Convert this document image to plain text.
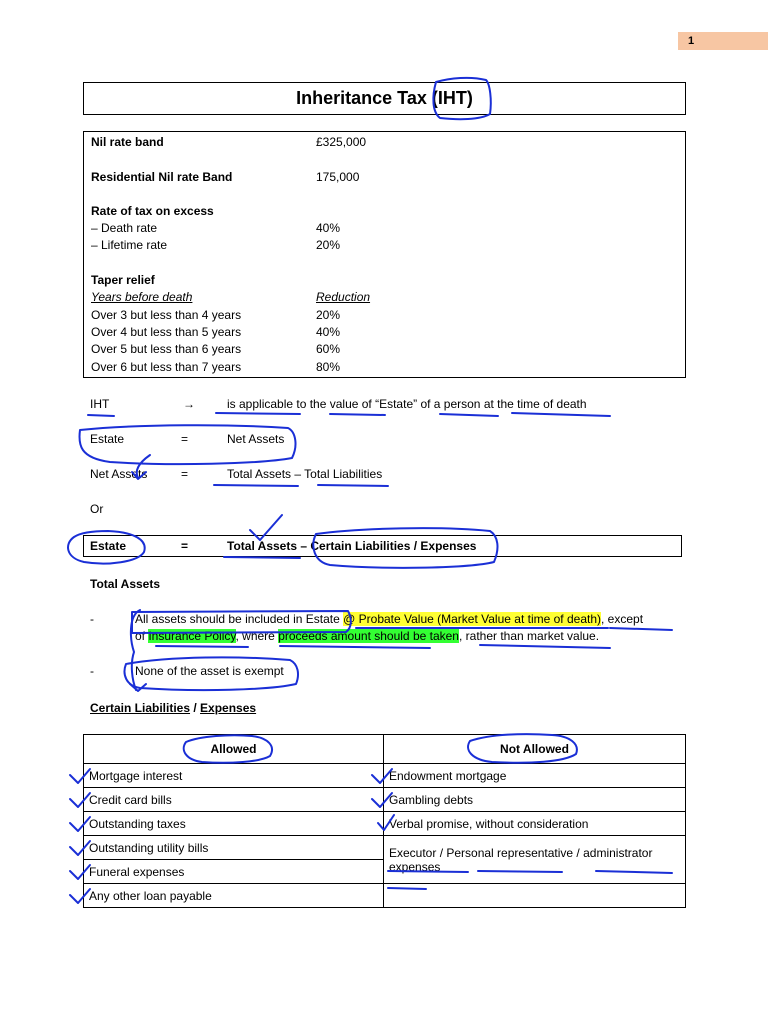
1
Inheritance Tax (IHT)
Nil rate band	£325,000
Residential Nil rate Band	175,000
Rate of tax on excess
– Death rate	40%
– Lifetime rate	20%
Taper relief
Years before death	Reduction
Over 3 but less than 4 years	20%
Over 4 but less than 5 years	40%
Over 5 but less than 6 years	60%
Over 6 but less than 7 years	80%
IHT	→	is applicable to the value of “Estate” of a person at the time of death
Estate	=	Net Assets
Net Assets	=	Total Assets – Total Liabilities
Or
Estate	=	Total Assets – Certain Liabilities / Expenses
Total Assets
-	All assets should be included in Estate @ Probate Value (Market Value at time of death), except
of Insurance Policy, where proceeds amount should be taken, rather than market value.
-	None of the asset is exempt
Certain Liabilities / Expenses
Allowed	Not Allowed
Mortgage interest	Endowment mortgage
Credit card bills	Gambling debts
Outstanding taxes	Verbal promise, without consideration
Outstanding utility bills	Executor / Personal representative / administrator expenses
Funeral expenses	
Any other loan payable	
